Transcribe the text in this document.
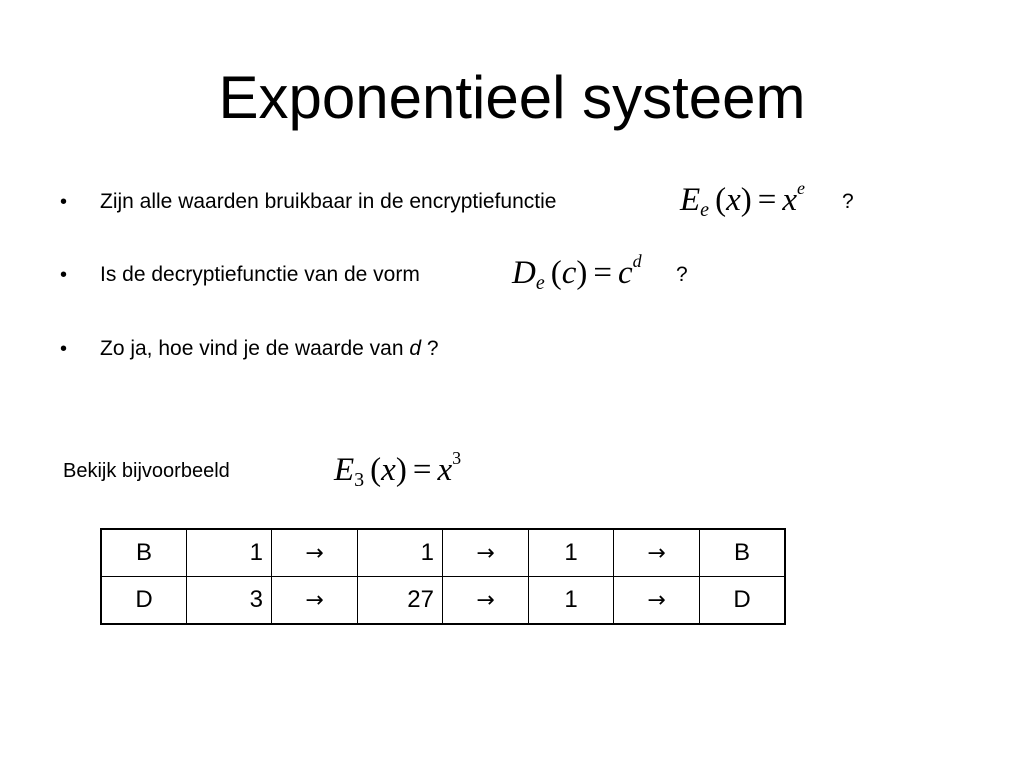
Exponentieel systeem
• Zijn alle waarden bruikbaar in de encryptiefunctie	$E_e$ $(x) = x^e$
?
• Is de decryptiefunctie van de vorm	$D_e$ $(c) = c^d$
?
• Zo ja, hoe vind je de waarde van d ?
Bekijk bijvoorbeeld	$E_3$ $(x) = x^3$
B	1	→	1	→	1	→	B
D	3	→	27	→	1	→	D
